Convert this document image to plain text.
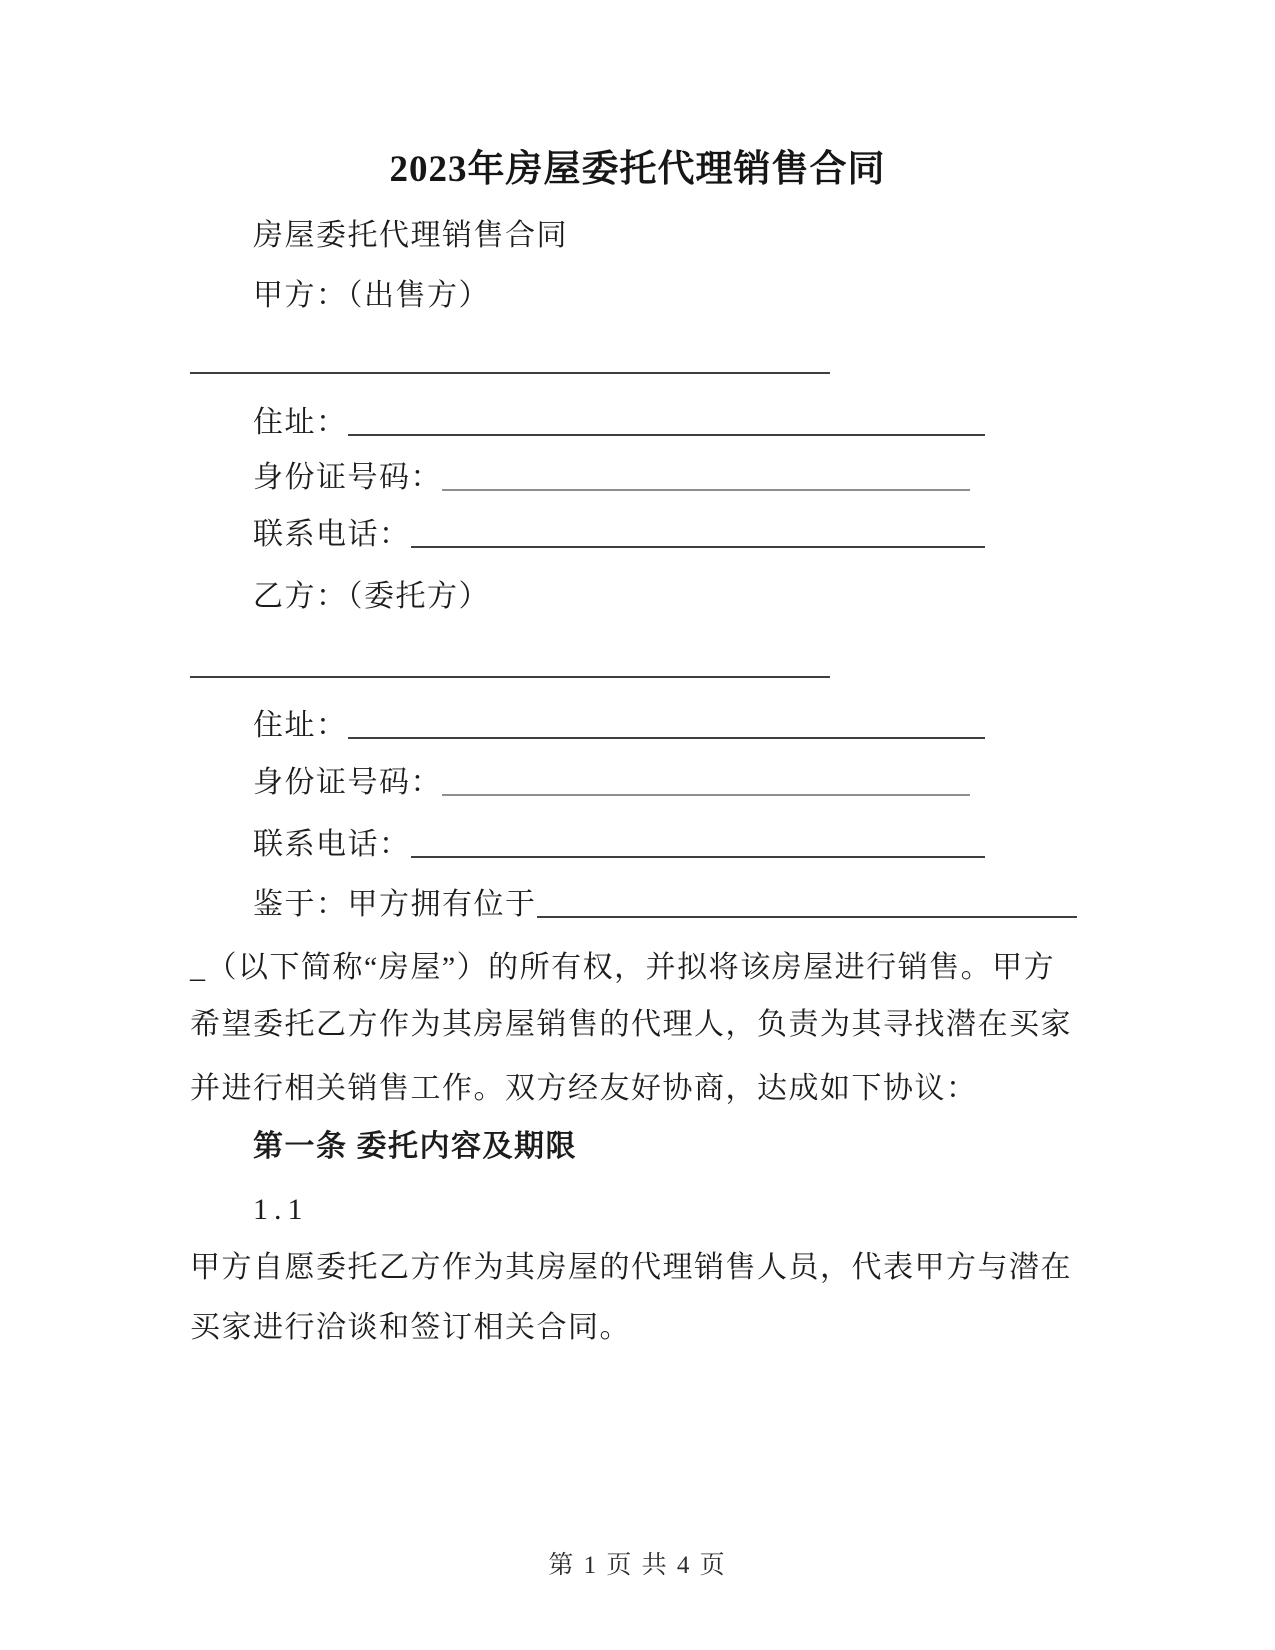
2023年房屋委托代理销售合同
房屋委托代理销售合同
甲方：（出售方）
住址：
身份证号码：
联系电话：
乙方：（委托方）
住址：
身份证号码：
联系电话：
鉴于：甲方拥有位于
_（以下简称“房屋”）的所有权，并拟将该房屋进行销售。甲方
希望委托乙方作为其房屋销售的代理人，负责为其寻找潜在买家
并进行相关销售工作。双方经友好协商，达成如下协议：
第一条 委托内容及期限
1.1
甲方自愿委托乙方作为其房屋的代理销售人员，代表甲方与潜在
买家进行洽谈和签订相关合同。
第 1 页 共 4 页
